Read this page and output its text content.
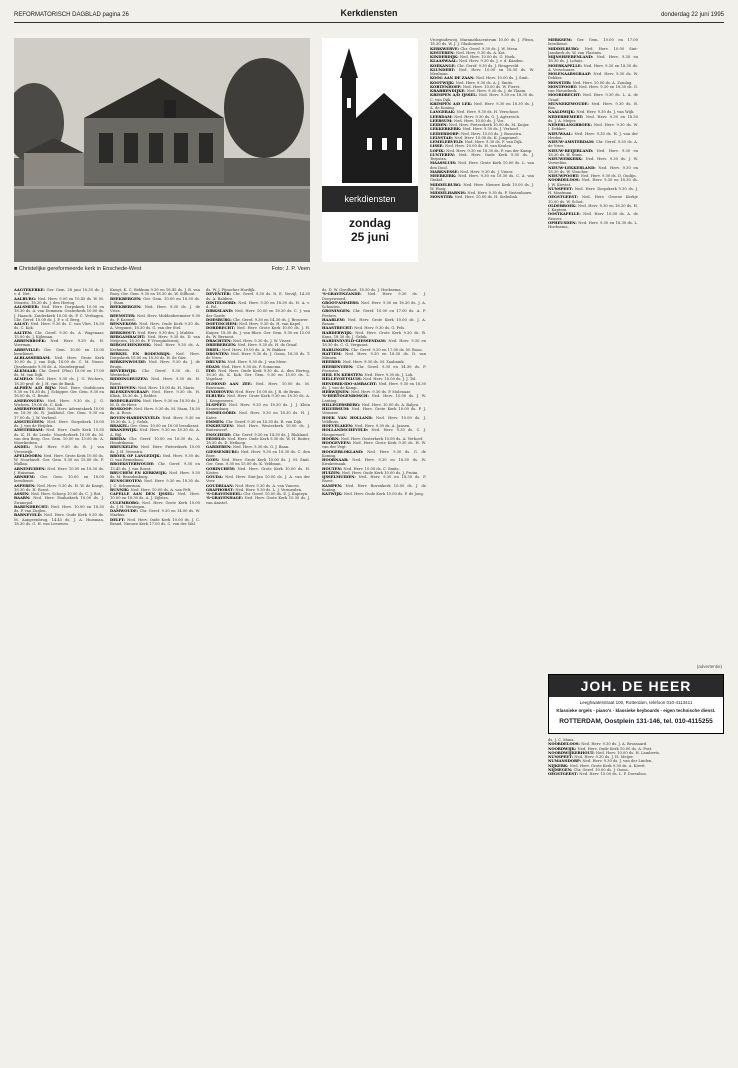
REFORMATORISCH DAGBLAD pagina 26	Kerkdiensten	donderdag 22 juni 1995
■ Christelijke gereformeerde kerk in Enschede-West	Foto: J. P. Veen
kerkdiensten
zondag
25 juni

AAGTEKERKE: Ger. Gem. 28 juni 10.30 ds. J. v. d. Net.

AALBURG: Ned. Herv. 9.00 en 10.45 ds. W. M. Mourits, 18.30 ds. J. den Hertog.

AALSMEER: Ned. Herv. Dorpskerk 10.00 en 18.30 ds. A. van Demmen. Oosterkerk 10.00 ds. J. Haasck. Zuiderkerk 10.00 ds. P. C. Verhagen. Chr. Geref. 10.00 ds. J. P. v. d. Berg.

AALST: Ned. Herv. 9.30 ds. C. van Vliet, 18.30 ds. C. Kok.

AALTEN: Chr. Geref. 9.30 ds. A. Wagenaar, 15.00 ds. J. Kijleman.

ABBENBROEK: Ned. Herv. 9.30 ds. H. Voerman.

ABBEVILLE: Ger. Gem. 10.00 en 15.00 leesdienst.

ALBLASSERDAM: Ned. Herv. Grote Kerk 10.00 ds. J. van Dijk, 18.00 ds. C. M. Visser. IJsselmonde 9.30 ds. A. Noordergraaf.

ALKMAAR: Chr. Geref. (Plus) 10.00 en 17.00 ds. M. van Dijk.

ALMELO: Ned. Herv. 9.30 ds. J. G. Wichers, 18.30 prof. dr. J. H. van de Bank.

ALPHEN A/D RIJN: Ned. Herv. Oudshoorn 9.30 en 18.30 ds. J. Schipper. Ger. Gem. 9.30 en 16.00 ds. G. Beute.

AMERONGEN: Ned. Herv. 9.30 ds. J. G. Wichers, 19.00 ds. C. Kok.

AMERSFOORT: Ned. Herv. Adventskerk 10.00 en 18.30 ds. R. Jonkheid. Ger. Gem. 9.30 en 17.00 ds. J. W. Verheul.

AMSTELVEEN: Ned. Herv. Dorpskerk 10.00 ds. J. van de Heijden.

AMSTERDAM: Ned. Herv. Oude Kerk 10.30 ds. K. H. de Leede. Noorderkerk 10.00 ds. M. van den Berg. Ger. Gem. 10.00 en 15.00 ds. A. Moerkerken.

ANDEL: Ned. Herv. 9.30 ds. B. J. van Vreeswijk.

APELDOORN: Ned. Herv. Grote Kerk 10.00 ds. W. Noorlandt. Ger. Gem. 9.30 en 15.00 ds. F. Mallan.

ARNEMUIDEN: Ned. Herv. 10.00 en 18.30 ds. J. Huisman.

ARNHEM: Ger. Gem. 10.00 en 18.00 leesdienst.

ASPEREN: Ned. Herv. 9.30 ds. H. W. de Knegt, 18.30 ds. H. Roest.

ASSEN: Ned. Herv. Schoep 10.00 ds. C. J. Bot.

BAARN: Ned. Herv. Pauluskerk 10.00 ds. J. Zwanepol.

BARENDRECHT: Ned. Herv. 10.00 en 18.30 ds. P. van Zuijlen.

BARNEVELD: Ned. Herv. Oude Kerk 9.30 ds. M. Aangeenbrug, 14.45 ds. J. A. Huisman, 18.30 ds. G. H. van Leeuwen.

Knegt, K. C. Bekkum 9.30 en 18.45 ds. J. B. van Rooy. Ger. Gem. 9.30 en 18.30 ds. W. Silfhout.

BEEKBERGEN: Ger. Gem. 10.00 en 18.30 ds. J. Stam.

BEEKBERGEN: Ned. Herv. 9.30 ds. J. de Vries.

BEEMSTER: Ned. Herv. Middenbeemster 9.30 ds. P. Kasteel.

BENNEKOM: Ned. Herv. Oude Kerk 9.30 ds. A. Vergunst, 18.30 ds. G. van der Stel.

BERKHOUT: Ned. Herv. 9.30 drs. J. Mulder.

BERGAMBACHT: Ned. Herv. 9.30 ds. D. van Meijeren, 18.30 ds. P. Vroegindeweij.

BERGSCHENHOEK: Ned. Herv. 9.30 ds. A. Kerkmans.

BERKEL EN RODENRIJS: Ned. Herv. Dorpskerk 10.00 en 18.30 ds. H. de Gier.

BERKENWOUDE: Ned. Herv. 9.30 ds. J. de Bruijn.

BEVERWIJK: Chr. Geref. 9.30 ds. D. Westerhof.

BIDDINGHUIZEN: Ned. Herv. 9.30 ds. H. Roest.

BILTHOVEN: Ned. Herv. 10.00 ds. H. Maris.

BLESKENSGRAAF: Ned. Herv. 9.30 ds. H. Klink, 18.30 ds. J. Belder.

BODEGRAVEN: Ned. Herv. 9.30 en 18.30 ds. J. M. D. de Heer.

BOSKOOP: Ned. Herv. 9.30 ds. M. Stam, 18.30 ds. A. Roos.

BOVEN-HARDINXVELD: Ned. Herv. 9.30 en 18.30 ds. L. J. Geluk.

BRAKEL: Ger. Gem. 10.00 en 18.00 leesdienst.

BRANDWIJK: Ned. Herv. 9.30 en 18.30 ds. A. A. Bijl.

BREDA: Chr. Geref. 10.00 en 16.30 ds. A. Hendriksma.

BREUKELEN: Ned. Herv. Pieterskerk 10.00 ds. J. H. Veenstra.

BROEK OP LANGEDIJK: Ned. Herv. 9.30 ds. G. van Bennekom.

BROEKSTERWOUDE: Chr. Geref. 9.30 en 13.45 ds. J. van Roest.

BRUCHEM EN KERKWIJK: Ned. Herv. 9.30 ds. M. Brandenburg.

BUNSCHOTEN: Ned. Herv. 9.30 en 18.30 ds. J. C. Schuurman.

BUNNIK: Ned. Herv. 10.00 ds. A. van Pelt.

CAPELLE AAN DEN IJSSEL: Ned. Herv. 10.00 en 18.30 ds. A. J. Zijlstra.

CULEMBORG: Ned. Herv. Grote Kerk 10.00 ds. J. H. Verstegen.

DAMWOUDE: Chr. Geref. 9.30 en 14.00 ds. W. Markus.

DELFT: Ned. Herv. Oude Kerk 10.00 ds. J. C. Brand, Nieuwe Kerk 17.00 ds. C. van der Wal.

ds. W. J. Pijnacker Hordijk.

DEVENTER: Chr. Geref. 9.30 ds. R. E. Verzijl, 14.30 ds. A. Baldere.

DINTELOORD: Ned. Herv. 9.30 en 18.30 ds. H. A. v. d. Pol.

DIRKSLAND: Ned. Herv. 10.00 en 18.30 ds. C. J. van der Garde.

DOESBURG: Chr. Geref. 9.30 en 14.30 ds. J. Brouwer.

DOETINCHEM: Ned. Herv. 9.30 ds. H. van Kapel.

DORDRECHT: Ned. Herv. Grote Kerk 10.00 ds. J. H. Kuiper, 18.30 ds. J. van Rhee. Ger. Gem. 9.30 en 15.00 ds. W. Bernout.

DRACHTEN: Ned. Herv. 9.30 ds. J. W. Visser.

DRIEBERGEN: Ned. Herv. 9.30 ds. H. de Graaf.

DRIEL: Ned. Herv. 10.00 ds. A. W. Bakker.

DRONTEN: Ned. Herv. 9.30 ds. J. Ooms, 18.30 ds. T. de Vries.

DRUNEN: Ned. Herv. 9.30 ds. J. van Meer.

EDAM: Ned. Herv. 9.30 ds. P. Sonnema.

EDE: Ned. Herv. Oude Kerk 9.30 ds. A. den Hertog, 18.30 ds. K. Kok. Ger. Gem. 9.30 en 15.00 ds. L. Vogelaar.

EGMOND AAN ZEE: Ned. Herv. 10.00 ds. M. Bouwman.

EINDHOVEN: Ned. Herv. 10.00 ds. J. R. de Bruin.

ELBURG: Ned. Herv. Grote Kerk 9.30 en 18.30 ds. A. J. Kempeneers.

ELSPEET: Ned. Herv. 9.30 en 18.30 ds. J. J. Klein Kranenbarg.

EMMELOORD: Ned. Herv. 9.30 en 18.30 ds. H. J. Kater.

EMMEN: Chr. Geref. 9.30 en 14.30 ds. R. van Dijk.

ENKHUIZEN: Ned. Herv. Westerkerk 10.00 ds. J. Buitenwerf.

ENSCHEDE: Chr. Geref. 9.30 en 14.30 ds. J. Blokland.

ERMELO: Ned. Herv. Oude Kerk 9.30 ds. W. H. Ruiter, 18.30 ds. D. Heikoop.

GARDEREN: Ned. Herv. 9.30 ds. G. J. Baan.

GIESSENBURG: Ned. Herv. 9.30 en 18.30 ds. C. den Boer.

GOES: Ned. Herv. Grote Kerk 10.00 ds. J. M. Smit. Ger. Gem. 9.30 en 15.00 ds. K. Veldman.

GORINCHEM: Ned. Herv. Grote Kerk 10.00 ds. H. Koster.

GOUDA: Ned. Herv. Sint-Jan 10.00 ds. J. A. van der Veer.

GOUDRIAAN: Ned. Herv. 9.30 ds. A. van Vuuren.

GRAFHORST: Ned. Herv. 9.30 ds. L. J. Vermeulen.

'S-GRAVENDEEL: Chr. Geref. 10.00 ds. E. J. Kapteyn.

'S-GRAVENHAGE: Ned. Herv. Grote Kerk 10.30 ds. J. van Amstel.

ds. D. W. Goedhart, 18.30 ds. J. Hoeksema.

'S-GRAVENZANDE: Ned. Herv. 9.30 ds. J. Dooyeweerd.

GROOT-AMMERS: Ned. Herv. 9.30 en 18.30 ds. J. A. Schouten.

GRONINGEN: Chr. Geref. 10.00 en 17.00 ds. A. F. Peeters.

HAARLEM: Ned. Herv. Grote Kerk 10.00 ds. J. A. Braam.

HAASTRECHT: Ned. Herv. 9.30 ds. G. Pels.

HARDERWIJK: Ned. Herv. Grote Kerk 9.30 ds. B. Kunz, 18.30 ds. J. Geluk.

HARDINXVELD-GIESSENDAM: Ned. Herv. 9.30 en 18.30 ds. C. G. Vergunst.

HARLINGEN: Chr. Geref. 9.30 en 17.00 ds. M. Boon.

HATTEM: Ned. Herv. 9.30 en 18.30 ds. D. van Minnen.

HEERDE: Ned. Herv. 9.30 ds. M. Zaalmink.

HEERENVEEN: Chr. Geref. 9.30 en 14.30 ds. P. Feenstra.

HEIL EN KERSTEN: Ned. Herv. 9.30 ds. J. Lok.

HELLEVOETSLUIS: Ned. Herv. 10.00 ds. J. J. Tol.

HENDRIK-IDO-AMBACHT: Ned. Herv. 9.30 en 18.30 ds. J. van de Kamp.

HERWIJNEN: Ned. Herv. 9.30 ds. P. Molenaar.

'S-HERTOGENBOSCH: Ned. Herv. 10.00 ds. J. W. Lenting.

HILLEGERSBERG: Ned. Herv. 10.00 ds. A. Baljeu.

HILVERSUM: Ned. Herv. Grote Kerk 10.00 ds. P. J. Vermeer.

HOEK VAN HOLLAND: Ned. Herv. 10.00 ds. J. Veldhuis.

HOEVELAKEN: Ned. Herv. 9.30 ds. A. Jansen.

HOLLANDSCHEVELD: Ned. Herv. 9.30 ds. C. J. Hoogerwerf.

HOORN: Ned. Herv. Oosterkerk 10.00 ds. A. Verhoef.

HOOGEVEEN: Ned. Herv. Grote Kerk 9.30 ds. H. W. van der Vegt.

HOOGEBLOKLAND: Ned. Herv. 9.30 ds. G. de Koning.

HOORNAAR: Ned. Herv. 9.30 en 18.30 ds. W. Kwakernaak.

HOUTEN: Ned. Herv. 10.00 ds. C. Smits.

HUIZEN: Ned. Herv. Oude Kerk 10.00 ds. J. Pruim.

IJSSELMUIDEN: Ned. Herv. 9.30 en 18.30 ds. P. Roest.

KAMPEN: Ned. Herv. Bovenkerk 10.00 ds. J. de Koning.

KATWIJK: Ned. Herv. Oude Kerk 10.00 ds. P. de Jong.

Vroegindeweij. Maranathacentrum 10.00 ds. J. Pleun, 18.30 ds. W. J. J. Glashouwer.

KERKWERVE: Chr. Geref. 9.30 ds. J. W. Mesu.

KESTEREN: Ned. Herv. 9.30 ds. A. Kot.

KINDERDIJK: Ned. Herv. 10.00 ds. G. Hoek.

KLAASWAAL: Ned. Herv. 9.30 ds. J. v. d. Kaaden.

KOEKANGE: Chr. Geref. 9.30 ds. J. Hengeveld.

KLUNDERT: Ned. Herv. 10.00 en 18.30 ds. W. Meulman.

KOOG AAN DE ZAAN: Ned. Herv. 10.00 ds. J. Smit.

KOOTWIJK: Ned. Herv. 9.30 ds. A. J. Smits.

KORTENHOEF: Ned. Herv. 10.00 ds. W. Fieret.

KRABBENDIJKE: Ned. Herv. 9.30 ds. J. de Vlaam.

KRIMPEN A/D IJSSEL: Ned. Herv. 9.30 en 18.30 ds. C. van Dijk.

KRIMPEN A/D LEK: Ned. Herv. 9.30 en 18.30 ds. J. A. de Koning.

LANGERAK: Ned. Herv. 9.30 ds. H. Verschoor.

LEERDAM: Ned. Herv. 9.30 ds. G. J. Agteresch.

LEERSUM: Ned. Herv. 10.00 ds. J. Vos.

LEIDEN: Ned. Herv. Pieterskerk 10.00 ds. M. Kuijer.

LEKKERKERK: Ned. Herv. 9.30 ds. J. Verhoef.

LEIDERDORP: Ned. Herv. 10.00 ds. J. Boonstra.

LELYSTAD: Ned. Herv. 10.00 ds. K. Jongeneel.

LEMELERVELD: Ned. Herv. 9.30 ds. F. van Dijk.

LISSE: Ned. Herv. 10.00 ds. H. van Keulen.

LOPIK: Ned. Herv. 9.30 en 18.30 ds. P. van der Kamp.

LUNTEREN: Ned. Herv. Oude Kerk 9.30 ds. J. Terpstra.

MAASSLUIS: Ned. Herv. Grote Kerk 10.00 ds. L. van den Dool.

MARKNESSE: Ned. Herv. 9.30 ds. J. Visser.

MEERKERK: Ned. Herv. 9.30 en 18.30 ds. C. A. van Ginkel.

MIDDELBURG: Ned. Herv. Nieuwe Kerk 10.00 ds. J. W. Hoog.

MIDDELHARNIS: Ned. Herv. 9.30 ds. P. Vastenhouw.

MONSTER: Ned. Herv. 10.00 ds. H. Siebelink.

MERKSEM: Ger. Gem. 10.00 en 17.00 leesdienst.

MIDDELBURG: Ned. Herv. 10.00 Sint-Janskerk ds. W. van Vlastuin.

MIJNSHEERENLAND: Ned. Herv. 9.30 en 18.30 ds. J. Lohuis.

MOERKAPELLE: Ned. Herv. 9.30 en 18.30 ds. A. Verschuure.

MOLENAARSGRAAF: Ned. Herv. 9.30 ds. W. Dekker.

MONSTER: Ned. Herv. 10.00 ds. A. Zondag.

MONTFOORT: Ned. Herv. 9.30 en 18.30 ds. G. van Nieuwkerk.

MOORDRECHT: Ned. Herv. 9.30 ds. L. A. de Graaf.

MUNNEKEWOUDE: Ned. Herv. 9.30 ds. B. Bos.

NAALDWIJK: Ned. Herv. 9.30 ds. J. van Wijk.

NEDERHEMERT: Ned. Herv. 9.30 en 18.30 ds. J. A. Meijer.

NEDERLANGBROEK: Ned. Herv. 9.30 ds. W. J. Dekker.

NIEUWAAL: Ned. Herv. 9.30 ds. H. J. van der Heiden.

NIEUW-AMSTERDAM: Chr. Geref. 9.30 ds. A. de Vries.

NIEUW-BEIJERLAND: Ned. Herv. 9.30 en 18.30 ds. H. Stam.

NIEUWERKERK: Ned. Herv. 9.30 ds. J. W. Verwelius.

NIEUW-LEKKERLAND: Ned. Herv. 9.30 en 18.30 ds. W. Visscher.

NIEUWPOORT: Ned. Herv. 9.30 ds. D. Oudijn.

NOORDELOOS: Ned. Herv. 9.30 en 18.30 ds. J. W. Kieviet.

NUNSPEET: Ned. Herv. Dorpskerk 9.30 ds. J. H. Maatman.

OEGSTGEEST: Ned. Herv. Groene Kerkje 10.00 ds. W. Schot.

OLDEBROEK: Ned. Herv. 9.30 en 18.30 ds. H. J. Kaptein.

OOSTKAPELLE: Ned. Herv. 10.00 ds. A. de Reuver.

OPHEUSDEN: Ned. Herv. 9.30 en 18.30 ds. L. Hoeksema.

ds. J. C. Mans.

NOORDELOOS: Ned. Herv. 9.30 ds. J. A. Brussaard.

NOORDWIJK: Ned. Herv. Oude Kerk 10.00 ds. A. Post.

NOORDWIJKERHOUT: Ned. Herv. 10.00 ds. H. Lamberts.

NUNSPEET: Ned. Herv. 9.30 ds. J. H. Meijer.

NUMANSDORP: Ned. Herv. 9.30 ds. J. van der Linden.

NIJKERK: Ned. Herv. Grote Kerk 9.30 ds. A. Kievit.

NIJMEGEN: Chr. Geref. 10.00 ds. J. Ooms.

OEGSTGEEST: Ned. Herv. 10.00 ds. L. P. Dorenbos.

(advertentie)
JOH. DE HEER
Leeghwaterstraat 100, Rotterdam, telefoon 010-4113411
Klassieke orgels - piano's - klassieke keyboards - eigen technische dienst.
ROTTERDAM, Oostplein 131-146, tel. 010-4115255
